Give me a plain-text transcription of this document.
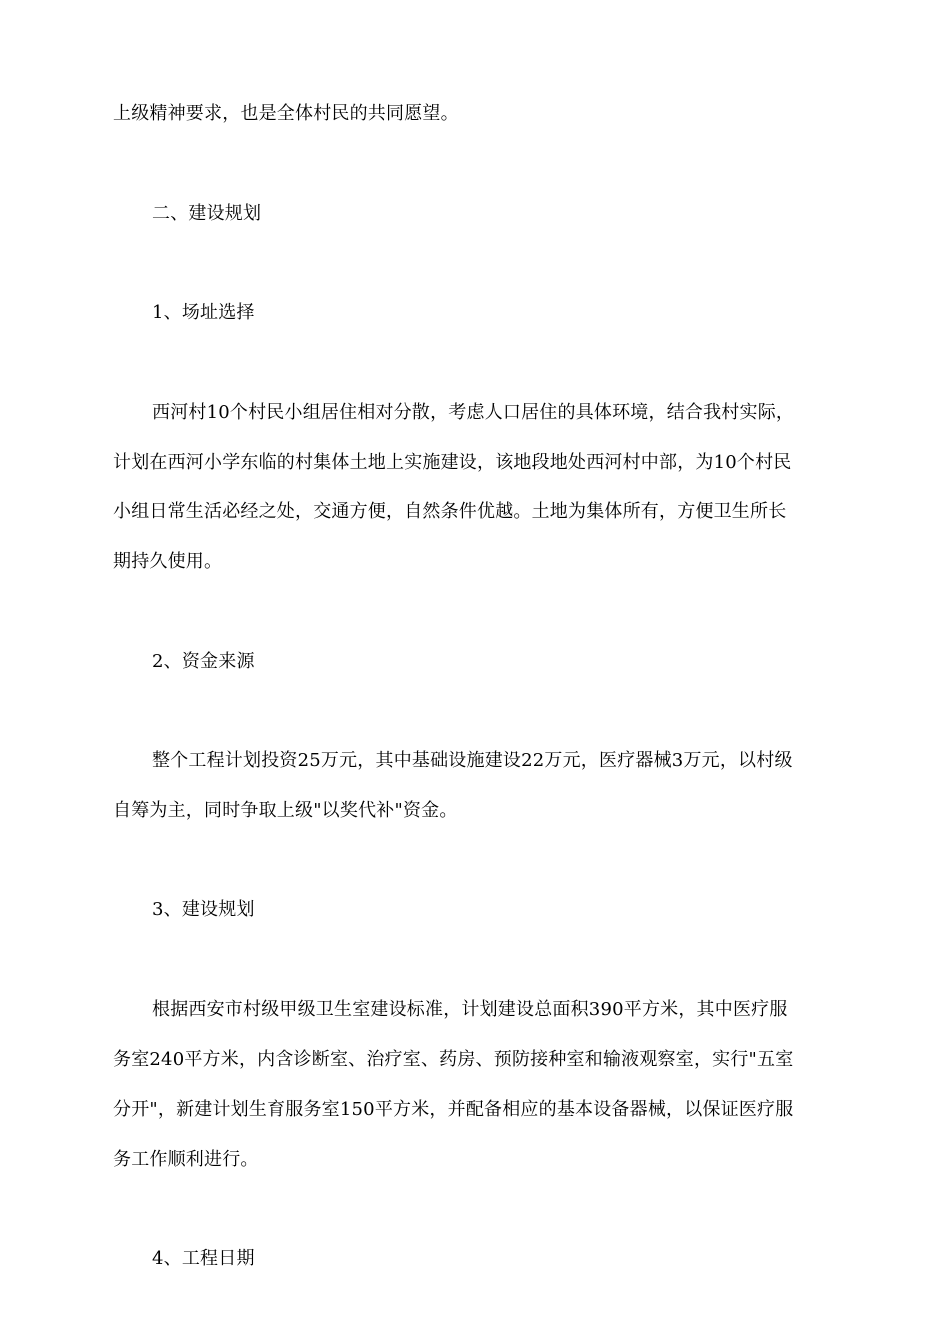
上级精神要求，也是全体村民的共同愿望。
二、建设规划
1、场址选择
西河村10个村民小组居住相对分散，考虑人口居住的具体环境，结合我村实际，
计划在西河小学东临的村集体土地上实施建设，该地段地处西河村中部，为10个村民
小组日常生活必经之处，交通方便，自然条件优越。土地为集体所有，方便卫生所长
期持久使用。
2、资金来源
整个工程计划投资25万元，其中基础设施建设22万元，医疗器械3万元，以村级
自筹为主，同时争取上级"以奖代补"资金。
3、建设规划
根据西安市村级甲级卫生室建设标准，计划建设总面积390平方米，其中医疗服
务室240平方米，内含诊断室、治疗室、药房、预防接种室和输液观察室，实行"五室
分开"，新建计划生育服务室150平方米，并配备相应的基本设备器械，以保证医疗服
务工作顺利进行。
4、工程日期
